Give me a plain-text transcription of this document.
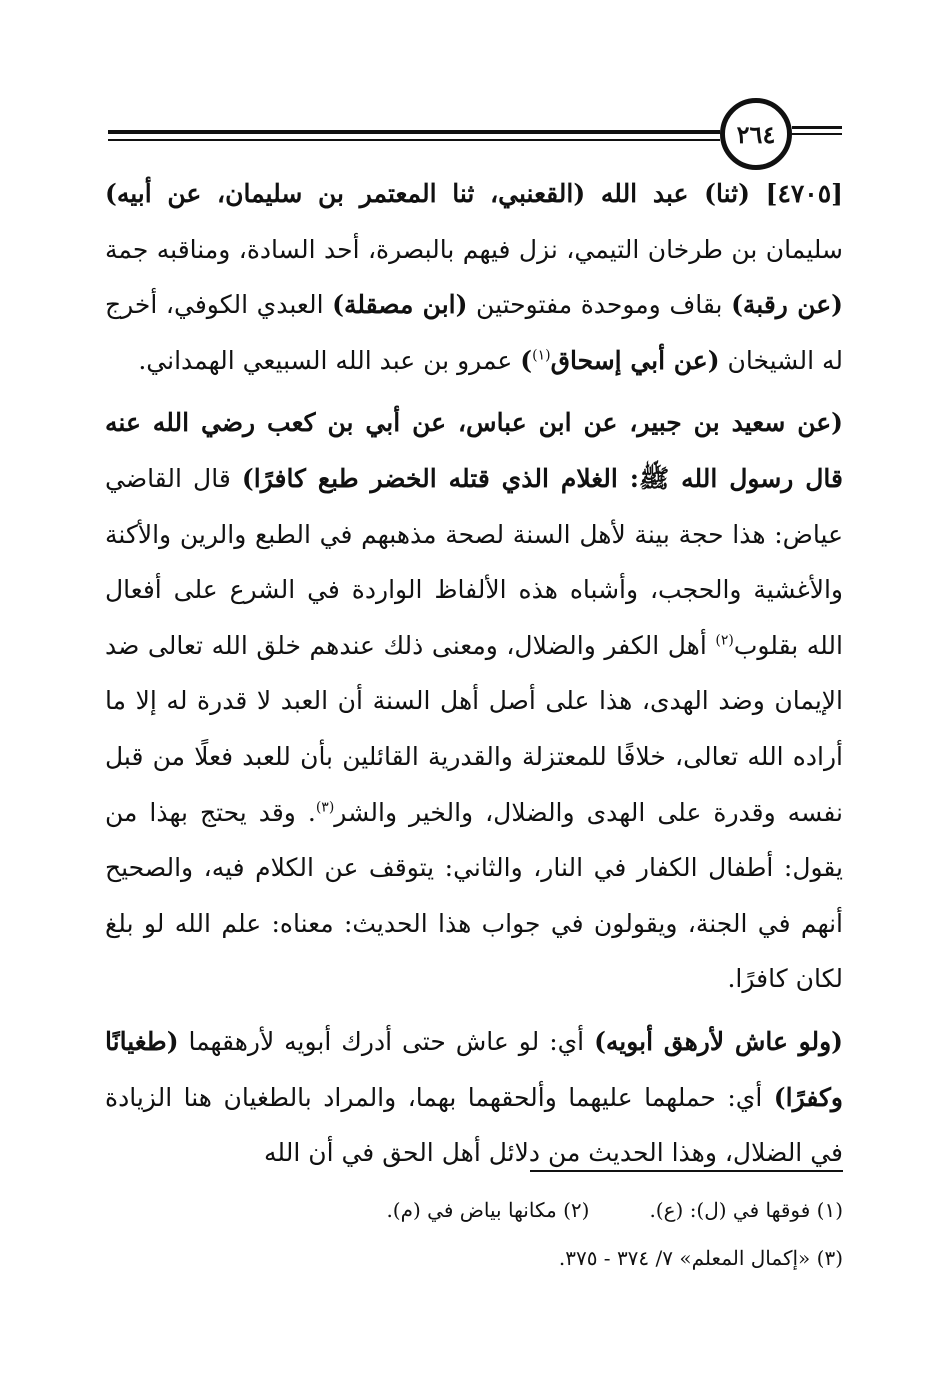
٢٦٤

[٤٧٠٥] (ثنا) عبد الله (القعنبي، ثنا المعتمر بن سليمان، عن أبيه) سليمان بن طرخان التيمي، نزل فيهم بالبصرة، أحد السادة، ومناقبه جمة (عن رقبة) بقاف وموحدة مفتوحتين (ابن مصقلة) العبدي الكوفي، أخرج له الشيخان (عن أبي إسحاق$^{(١)}$) عمرو بن عبد الله السبيعي الهمداني.

(عن سعيد بن جبير، عن ابن عباس، عن أبي بن كعب رضي الله عنه قال رسول الله ﷺ: الغلام الذي قتله الخضر طبع كافرًا) قال القاضي عياض: هذا حجة بينة لأهل السنة لصحة مذهبهم في الطبع والرين والأكنة والأغشية والحجب، وأشباه هذه الألفاظ الواردة في الشرع على أفعال الله بقلوب$^{(٢)}$ أهل الكفر والضلال، ومعنى ذلك عندهم خلق الله تعالى ضد الإيمان وضد الهدى، هذا على أصل أهل السنة أن العبد لا قدرة له إلا ما أراده الله تعالى، خلافًا للمعتزلة والقدرية القائلين بأن للعبد فعلًا من قبل نفسه وقدرة على الهدى والضلال، والخير والشر$^{(٣)}$. وقد يحتج بهذا من يقول: أطفال الكفار في النار، والثاني: يتوقف عن الكلام فيه، والصحيح أنهم في الجنة، ويقولون في جواب هذا الحديث: معناه: علم الله لو بلغ لكان كافرًا.

(ولو عاش لأرهق أبويه) أي: لو عاش حتى أدرك أبويه لأرهقهما (طغيانًا وكفرًا) أي: حملهما عليهما وألحقهما بهما، والمراد بالطغيان هنا الزيادة في الضلال، وهذا الحديث من دلائل أهل الحق في أن الله

(١) فوقها في (ل): (ع).
(٢) مكانها بياض في (م).
(٣) «إكمال المعلم» ٧/ ٣٧٤ - ٣٧٥.
